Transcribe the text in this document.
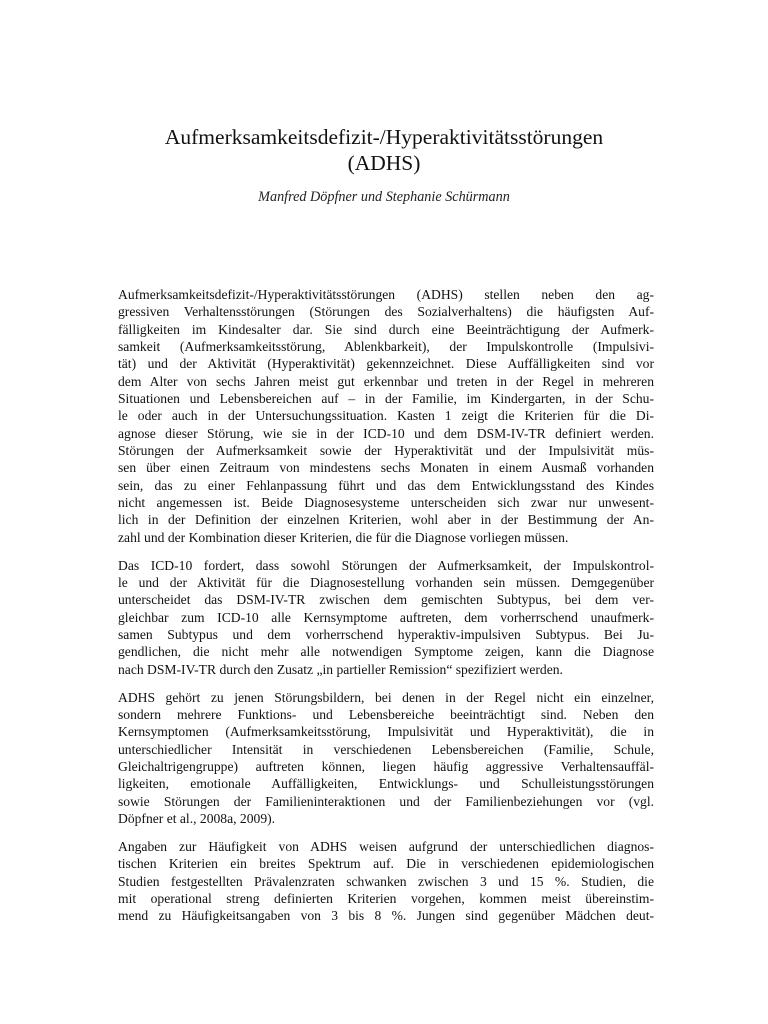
Aufmerksamkeitsdefizit-/Hyperaktivitätsstörungen
(ADHS)

Manfred Döpfner und Stephanie Schürmann

Aufmerksamkeitsdefizit-/Hyperaktivitätsstörungen (ADHS) stellen neben den ag-
gressiven Verhaltensstörungen (Störungen des Sozialverhaltens) die häufigsten Auf-
fälligkeiten im Kindesalter dar. Sie sind durch eine Beeinträchtigung der Aufmerk-
samkeit (Aufmerksamkeitsstörung, Ablenkbarkeit), der Impulskontrolle (Impulsivi-
tät) und der Aktivität (Hyperaktivität) gekennzeichnet. Diese Auffälligkeiten sind vor
dem Alter von sechs Jahren meist gut erkennbar und treten in der Regel in mehreren
Situationen und Lebensbereichen auf – in der Familie, im Kindergarten, in der Schu-
le oder auch in der Untersuchungssituation. Kasten 1 zeigt die Kriterien für die Di-
agnose dieser Störung, wie sie in der ICD-10 und dem DSM-IV-TR definiert werden.
Störungen der Aufmerksamkeit sowie der Hyperaktivität und der Impulsivität müs-
sen über einen Zeitraum von mindestens sechs Monaten in einem Ausmaß vorhanden
sein, das zu einer Fehlanpassung führt und das dem Entwicklungsstand des Kindes
nicht angemessen ist. Beide Diagnosesysteme unterscheiden sich zwar nur unwesent-
lich in der Definition der einzelnen Kriterien, wohl aber in der Bestimmung der An-
zahl und der Kombination dieser Kriterien, die für die Diagnose vorliegen müssen.

Das ICD-10 fordert, dass sowohl Störungen der Aufmerksamkeit, der Impulskontrol-
le und der Aktivität für die Diagnosestellung vorhanden sein müssen. Demgegenüber
unterscheidet das DSM-IV-TR zwischen dem gemischten Subtypus, bei dem ver-
gleichbar zum ICD-10 alle Kernsymptome auftreten, dem vorherrschend unaufmerk-
samen Subtypus und dem vorherrschend hyperaktiv-impulsiven Subtypus. Bei Ju-
gendlichen, die nicht mehr alle notwendigen Symptome zeigen, kann die Diagnose
nach DSM-IV-TR durch den Zusatz „in partieller Remission“ spezifiziert werden.

ADHS gehört zu jenen Störungsbildern, bei denen in der Regel nicht ein einzelner,
sondern mehrere Funktions- und Lebensbereiche beeinträchtigt sind. Neben den
Kernsymptomen (Aufmerksamkeitsstörung, Impulsivität und Hyperaktivität), die in
unterschiedlicher Intensität in verschiedenen Lebensbereichen (Familie, Schule,
Gleichaltrigengruppe) auftreten können, liegen häufig aggressive Verhaltensauffäl-
ligkeiten, emotionale Auffälligkeiten, Entwicklungs- und Schulleistungsstörungen
sowie Störungen der Familieninteraktionen und der Familienbeziehungen vor (vgl.
Döpfner et al., 2008a, 2009).

Angaben zur Häufigkeit von ADHS weisen aufgrund der unterschiedlichen diagnos-
tischen Kriterien ein breites Spektrum auf. Die in verschiedenen epidemiologischen
Studien festgestellten Prävalenzraten schwanken zwischen 3 und 15 %. Studien, die
mit operational streng definierten Kriterien vorgehen, kommen meist übereinstim-
mend zu Häufigkeitsangaben von 3 bis 8 %. Jungen sind gegenüber Mädchen deut-
